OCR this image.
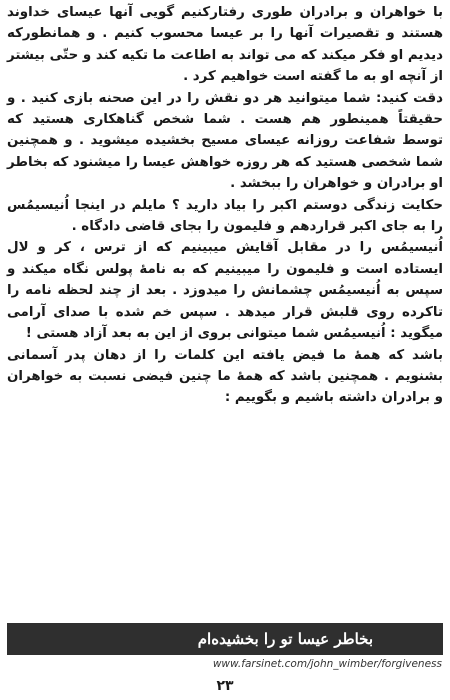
با خواهران و برادران طوری رفتارکنیم گویی آنها عیسای خداوند هستند و تقصیرات آنها را بر عیسا محسوب کنیم . و همانطورکه دیدیم او فکر میکند که می تواند به اطاعت ما تکیه کند و حتّی بیشتر از آنچه او به ما گفته است خواهیم کرد .

دقت کنید: شما میتوانید هر دو نقش را در این صحنه بازی کنید . و حقیقتاً همینطور هم هست . شما شخص گناهکاری هستید که توسط شفاعت روزانه عیسای مسیح بخشیده میشوید . و همچنین شما شخصی هستید که هر روزه خواهش عیسا را میشنود که بخاطر او برادران و خواهران را ببخشد .

حکایت زندگی دوستم اکبر را بیاد دارید ؟ مایلم در اینجا اُنیسیمُس را به جای اکبر قراردهم و فلیمون را بجای قاضی دادگاه .

اُنیسیمُس را در مقابل آقایش میبینیم که از ترس ، کر و لال ایستاده است و فلیمون را میبینیم که به نامهٔ پولس نگاه میکند و سپس به اُنیسیمُس چشمانش را میدوزد . بعد از چند لحظه نامه را تاکرده روی قلبش قرار میدهد . سپس خم شده با صدای آرامی میگوید : اُنیسیمُس شما میتوانی بروی از این به بعد آزاد هستی !

باشد که همهٔ ما فیض یافته این کلمات را از دهان پدر آسمانی بشنویم . همچنین باشد که همهٔ ما چنین فیضی نسبت به خواهران و برادران داشته باشیم و بگوییم :

بخاطر عیسا تو را بخشیده‌ام
www.farsinet.com/john_wimber/forgiveness
۲۳
